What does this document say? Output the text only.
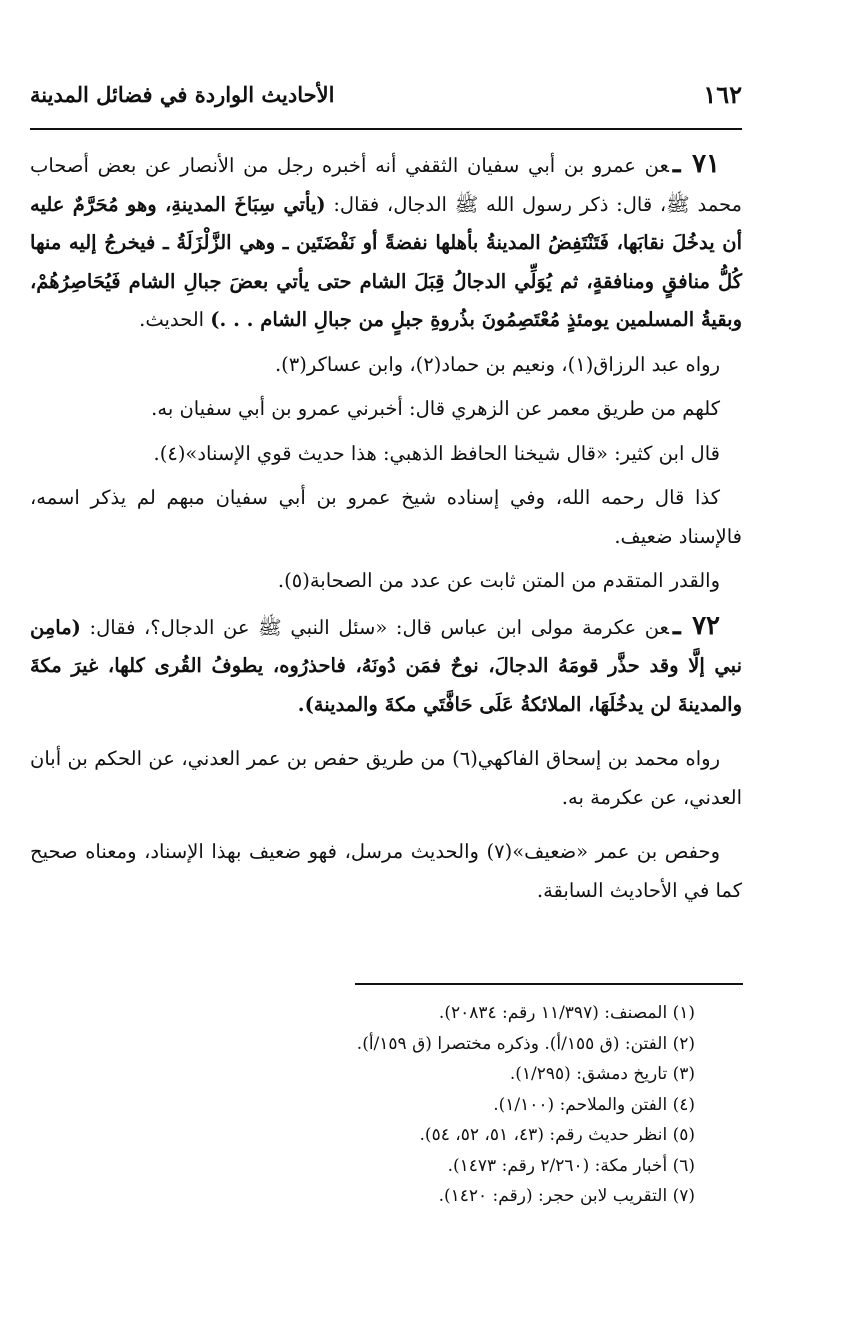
١٦٢
الأحاديث الواردة في فضائل المدينة

٧١ ـعن عمرو بن أبي سفيان الثقفي أنه أخبره رجل من الأنصار عن بعض أصحاب محمد ﷺ، قال: ذكر رسول الله ﷺ الدجال، فقال: (يأتي سِبَاخَ المدينةِ، وهو مُحَرَّمٌ عليه أن يدخُلَ نقابَها، فَتَنْتَفِضُ المدينةُ بأهلها نفضةً أو نَفْضَتَين ـ وهي الزَّلْزَلَةُ ـ فيخرجُ إليه منها كُلُّ منافقٍ ومنافقةٍ، ثم يُوَلِّي الدجالُ قِبَلَ الشام حتى يأتي بعضَ جبالِ الشام فَيُحَاصِرُهُمْ، وبقيةُ المسلمين يومئذٍ مُعْتَصِمُونَ بذُروةِ جبلٍ من جبالِ الشام . . .) الحديث.

رواه عبد الرزاق(١)، ونعيم بن حماد(٢)، وابن عساكر(٣).

كلهم من طريق معمر عن الزهري قال: أخبرني عمرو بن أبي سفيان به.

قال ابن كثير: «قال شيخنا الحافظ الذهبي: هذا حديث قوي الإسناد»(٤).

كذا قال رحمه الله، وفي إسناده شيخ عمرو بن أبي سفيان مبهم لم يذكر اسمه، فالإسناد ضعيف.

والقدر المتقدم من المتن ثابت عن عدد من الصحابة(٥).

٧٢ ـعن عكرمة مولى ابن عباس قال: «سئل النبي ﷺ عن الدجال؟، فقال: (مامِن نبي إلَّا وقد حذَّر قومَهُ الدجالَ، نوحٌ فمَن دُونَهُ، فاحذرُوه، يطوفُ القُرى كلها، غيرَ مكةَ والمدينةَ لن يدخُلَهَا، الملائكةُ عَلَى حَافَّتَي مكةَ والمدينة).

رواه محمد بن إسحاق الفاكهي(٦) من طريق حفص بن عمر العدني، عن الحكم بن أبان العدني، عن عكرمة به.

وحفص بن عمر «ضعيف»(٧) والحديث مرسل، فهو ضعيف بهذا الإسناد، ومعناه صحيح كما في الأحاديث السابقة.

(١) المصنف: (١١/٣٩٧ رقم: ٢٠٨٣٤).
(٢) الفتن: (ق ١٥٥/أ). وذكره مختصرا (ق ١٥٩/أ).
(٣) تاريخ دمشق: (١/٢٩٥).
(٤) الفتن والملاحم: (١/١٠٠).
(٥) انظر حديث رقم: (٤٣، ٥١، ٥٢، ٥٤).
(٦) أخبار مكة: (٢/٢٦٠ رقم: ١٤٧٣).
(٧) التقريب لابن حجر: (رقم: ١٤٢٠).
